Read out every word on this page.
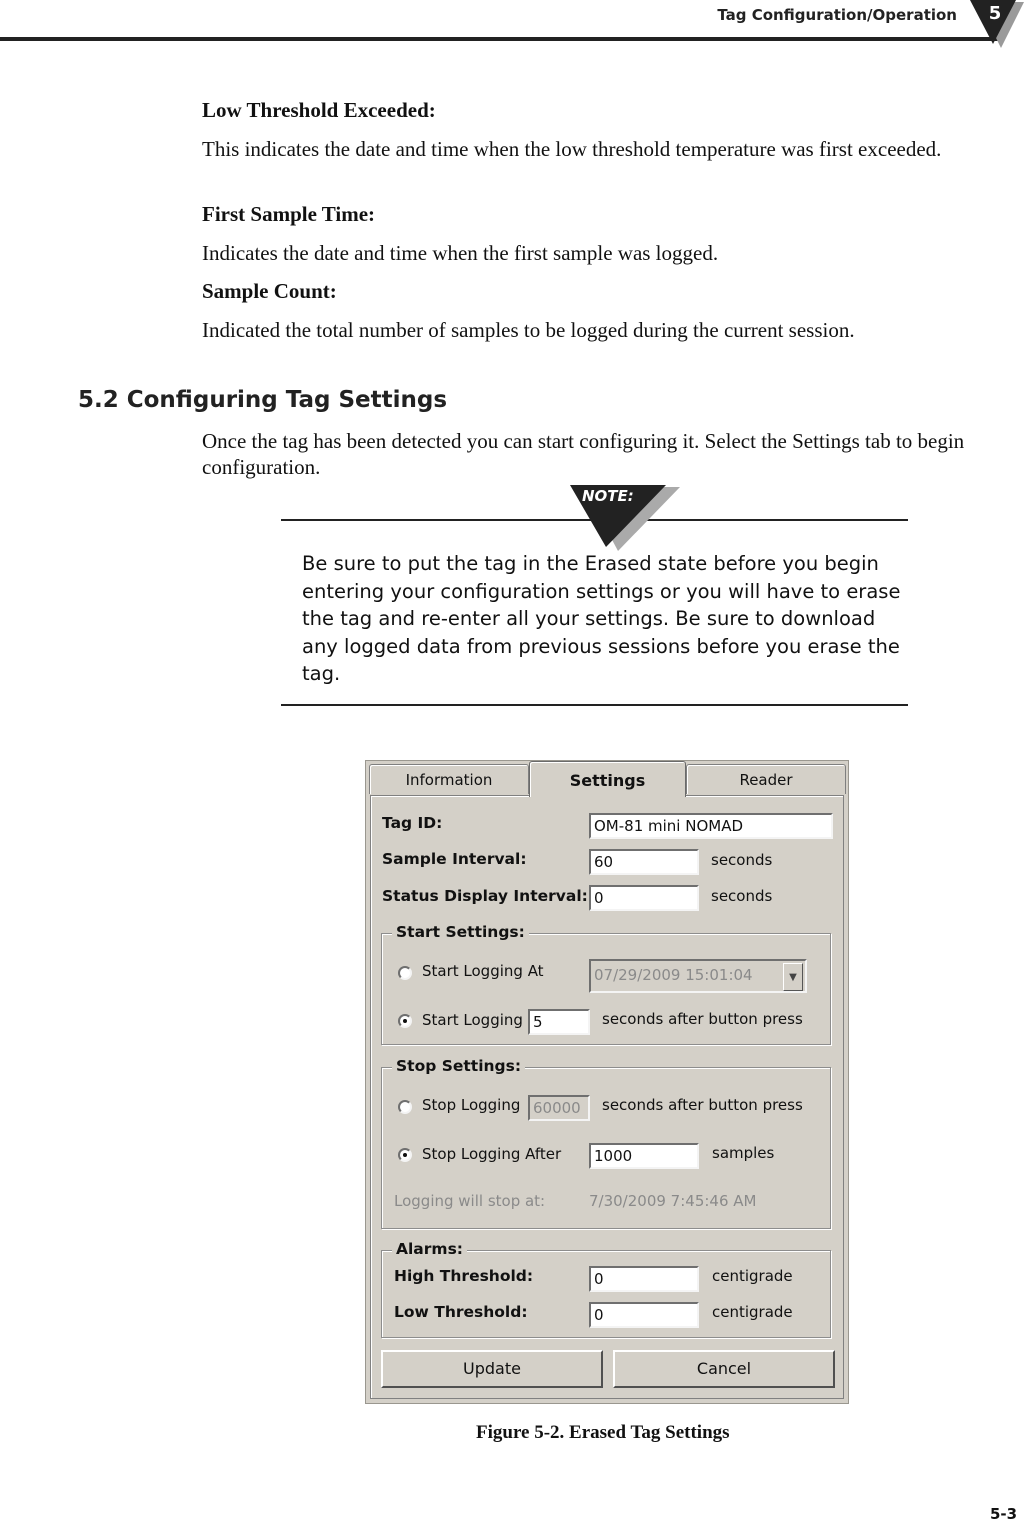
Tag Configuration/Operation 5

Low Threshold Exceeded:

This indicates the date and time when the low threshold temperature was first exceeded.

First Sample Time:

Indicates the date and time when the first sample was logged.

Sample Count:

Indicated the total number of samples to be logged during the current session.

5.2 Configuring Tag Settings
Once the tag has been detected you can start configuring it. Select the Settings tab to begin configuration.
NOTE:
Be sure to put the tag in the Erased state before you begin entering your configuration settings or you will have to erase the tag and re-enter all your settings. Be sure to download any logged data from previous sessions before you erase the tag.
Information	Settings	Reader
Tag ID:	OM-81 mini NOMAD
Sample Interval:	60	seconds
Status Display Interval: 0	seconds
Start Settings:
Start Logging At	07/29/2009 15:01:04	▼
Start Logging 5	seconds after button press
Stop Settings:
Stop Logging 60000	seconds after button press
Stop Logging After	1000	samples
Logging will stop at:	7/30/2009 7:45:46 AM
Alarms:
High Threshold:	0	centigrade
Low Threshold:	0	centigrade
Update	Cancel
Figure 5-2. Erased Tag Settings
5-3
